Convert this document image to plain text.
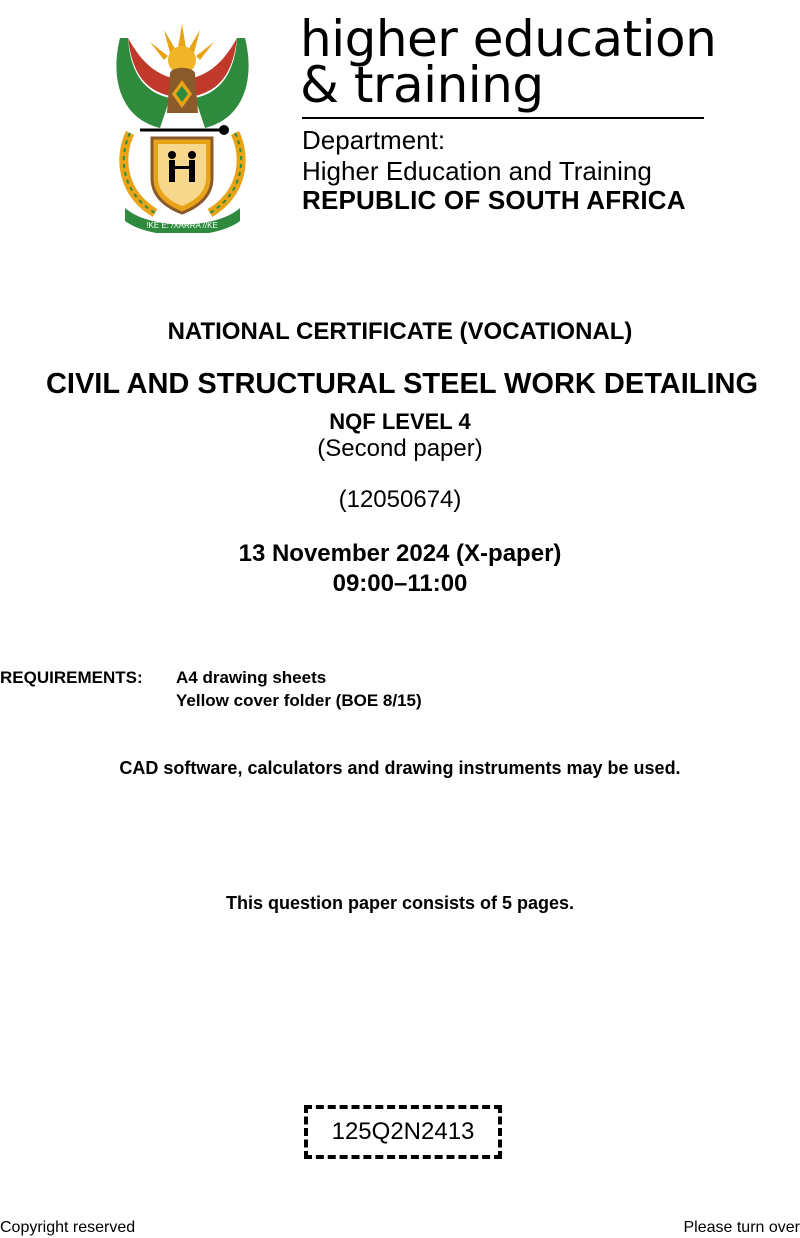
!KE E: /XARRA //KE
higher education
& training
Department:
Higher Education and Training
REPUBLIC OF SOUTH AFRICA
NATIONAL CERTIFICATE (VOCATIONAL)
CIVIL AND STRUCTURAL STEEL WORK DETAILING
NQF LEVEL 4
(Second paper)
(12050674)
13 November 2024 (X-paper)
09:00–11:00
REQUIREMENTS: A4 drawing sheets
Yellow cover folder (BOE 8/15)
CAD software, calculators and drawing instruments may be used.
This question paper consists of 5 pages.
125Q2N2413
Copyright reserved	Please turn over
